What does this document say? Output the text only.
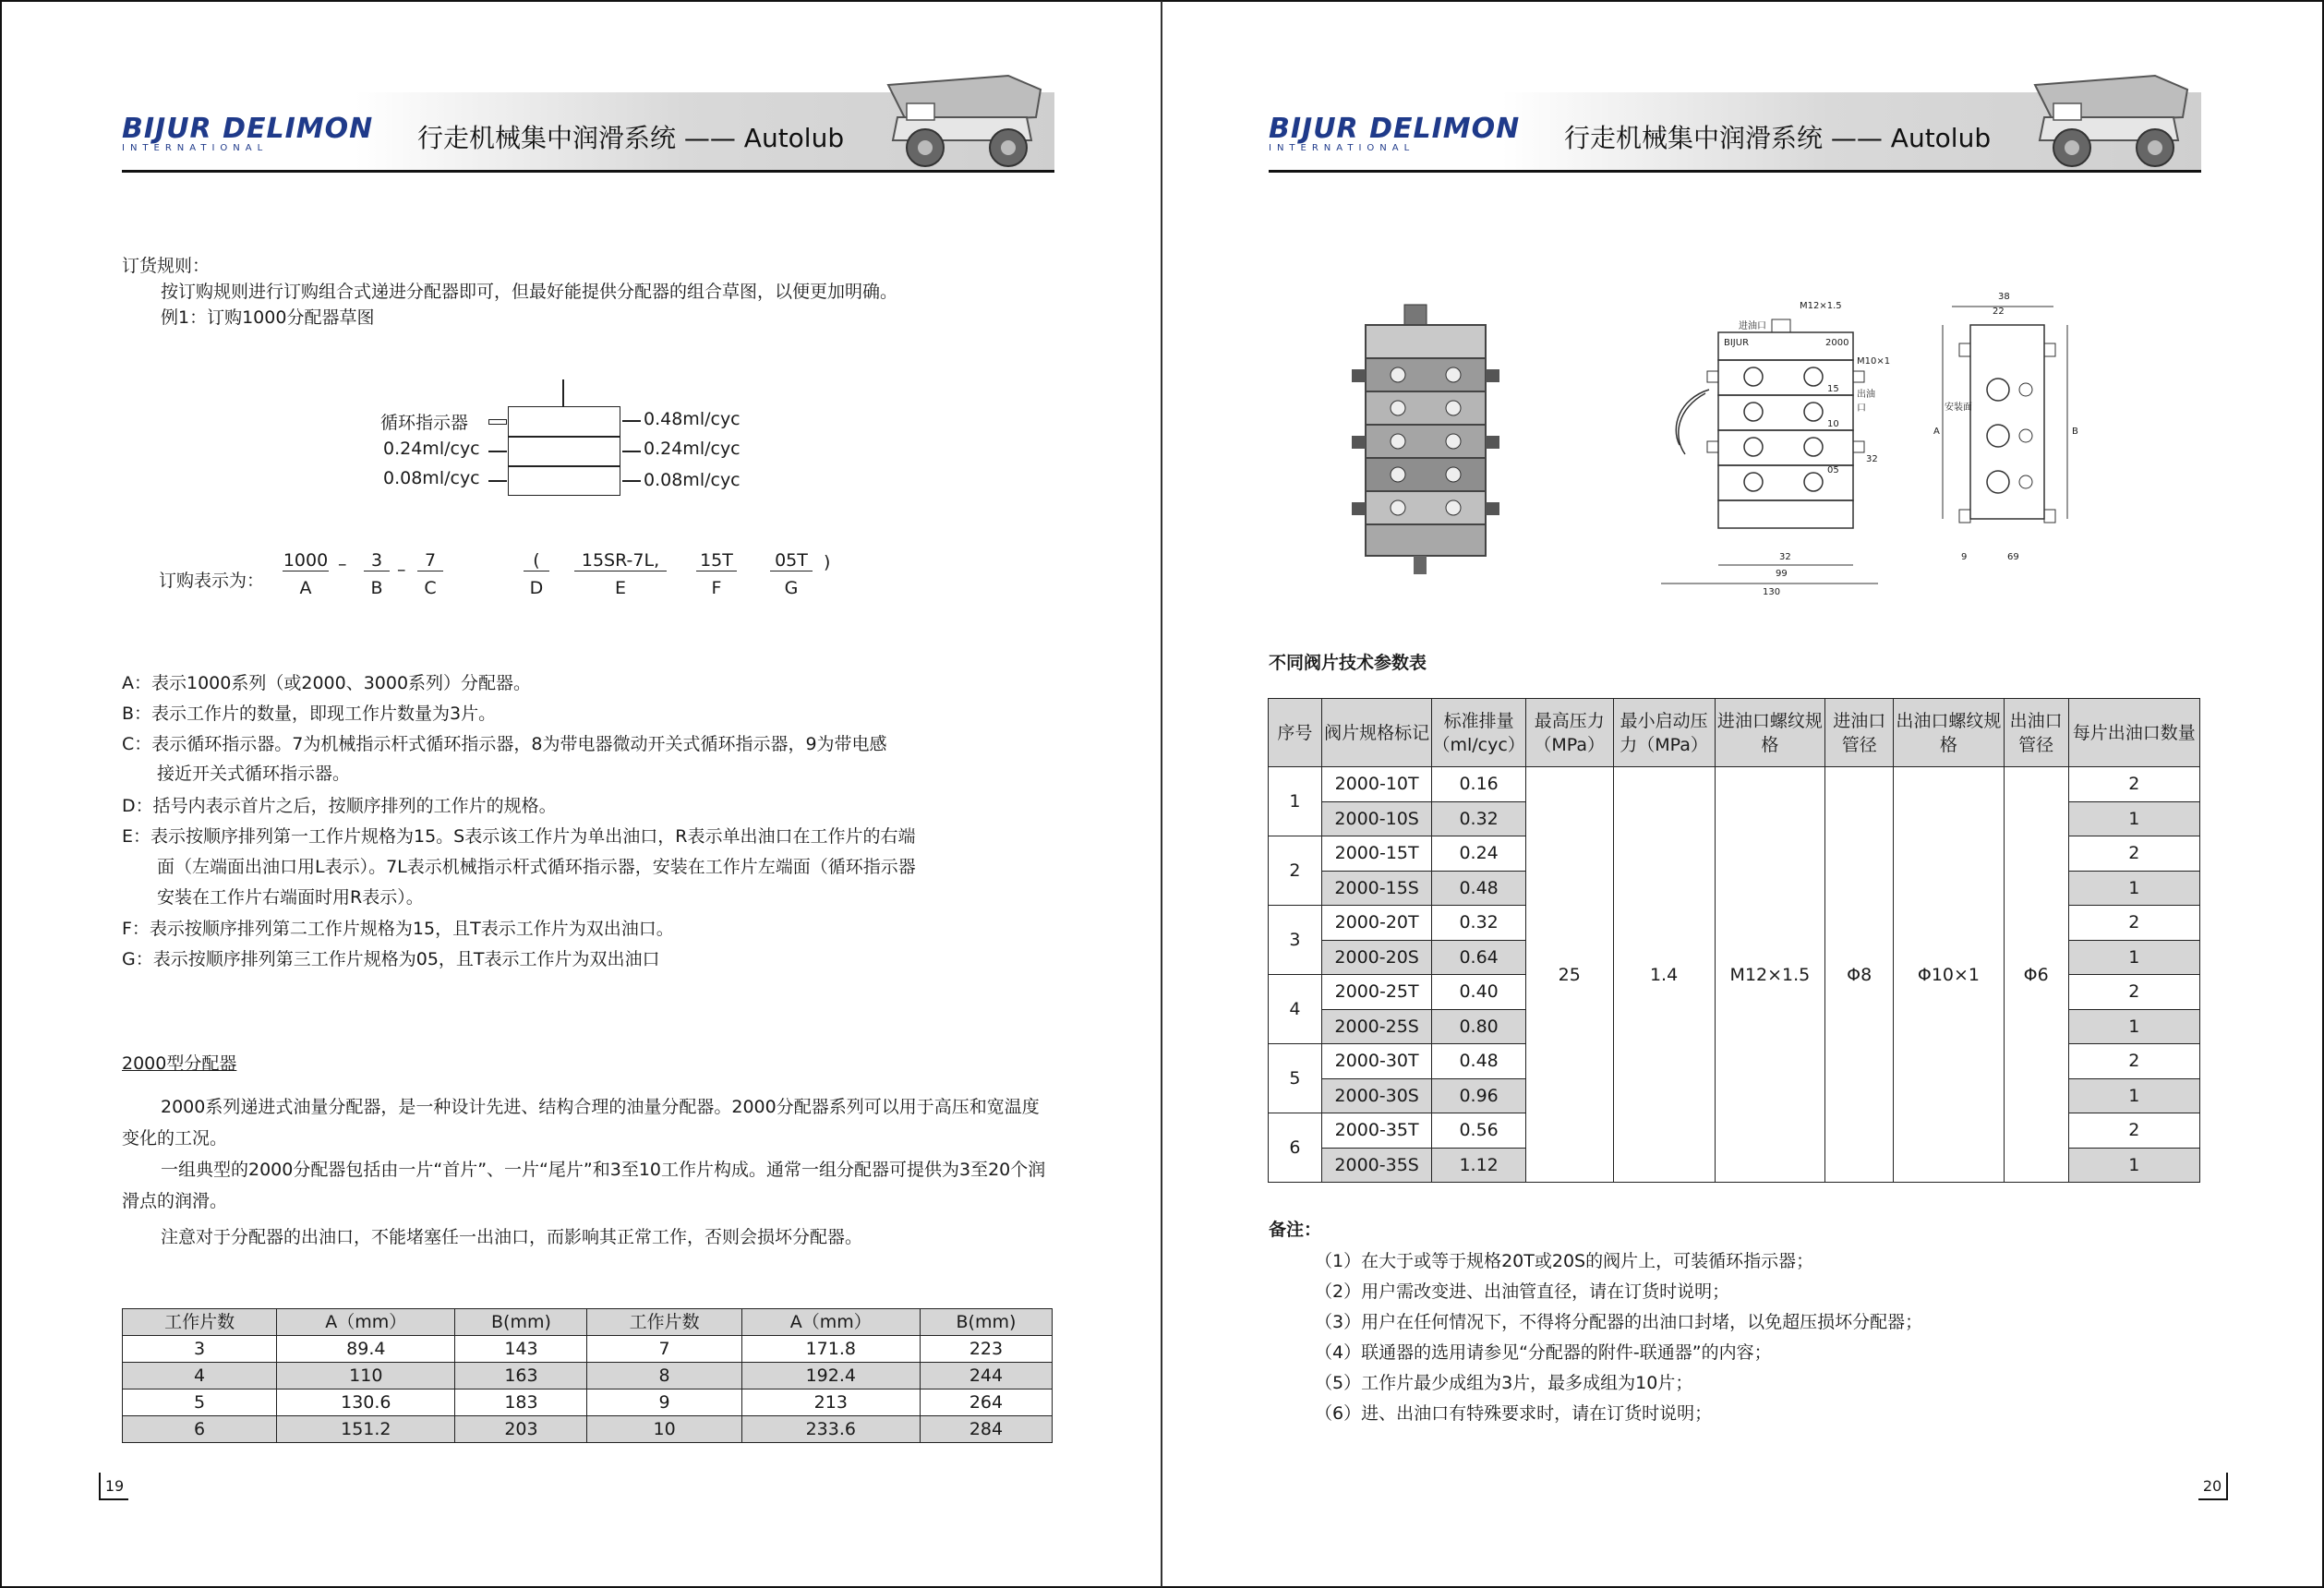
BIJUR DELIMON
INTERNATIONAL	行走机械集中润滑系统 —— Autolub
订货规则：
按订购规则进行订购组合式递进分配器即可，但最好能提供分配器的组合草图，以便更加明确。
例1：订购1000分配器草图
循环指示器
0.24ml/cyc
0.08ml/cyc
0.48ml/cyc
0.24ml/cyc
0.08ml/cyc
订购表示为：
1000
A
–	3
B
–	7
C
(
D
15SR-7L,
E
15T
F
05T
G
)
A：表示1000系列（或2000、3000系列）分配器。
B：表示工作片的数量，即现工作片数量为3片。
C：表示循环指示器。7为机械指示杆式循环指示器，8为带电器微动开关式循环指示器，9为带电感
接近开关式循环指示器。
D：括号内表示首片之后，按顺序排列的工作片的规格。
E：表示按顺序排列第一工作片规格为15。S表示该工作片为单出油口，R表示单出油口在工作片的右端
面（左端面出油口用L表示）。7L表示机械指示杆式循环指示器，安装在工作片左端面（循环指示器
安装在工作片右端面时用R表示）。
F：表示按顺序排列第二工作片规格为15，且T表示工作片为双出油口。
G：表示按顺序排列第三工作片规格为05，且T表示工作片为双出油口
2000型分配器
2000系列递进式油量分配器，是一种设计先进、结构合理的油量分配器。2000分配器系列可以用于高压和宽温度变化的工况。
一组典型的2000分配器包括由一片“首片”、一片“尾片”和3至10工作片构成。通常一组分配器可提供为3至20个润滑点的润滑。
注意对于分配器的出油口，不能堵塞任一出油口，而影响其正常工作，否则会损坏分配器。
工作片数	A（mm）	B(mm)	工作片数	A（mm）	B(mm)
3	89.4	143	7	171.8	223
4	110	163	8	192.4	244
5	130.6	183	9	213	264
6	151.2	203	10	233.6	284
19
BIJUR DELIMON
INTERNATIONAL	行走机械集中润滑系统 —— Autolub
M12×1.5
进油口
BIJUR	2000
15
10
05
出油口
M10×1
32
32
99
130
38
22
安装面
A	B
9	69
不同阀片技术参数表
备注：
（1）在大于或等于规格20T或20S的阀片上，可装循环指示器；
（2）用户需改变进、出油管直径，请在订货时说明；
（3）用户在任何情况下，不得将分配器的出油口封堵，以免超压损坏分配器；
（4）联通器的选用请参见“分配器的附件-联通器”的内容；
（5）工作片最少成组为3片，最多成组为10片；
（6）进、出油口有特殊要求时，请在订货时说明；
20
序号	阀片规格标记	标准排量（ml/cyc）	最高压力（MPa）	最小启动压力（MPa）	进油口螺纹规格	进油口管径	出油口螺纹规格	出油口管径	每片出油口数量
1	2000-10T	0.16	25	1.4	M12×1.5	Φ8	Φ10×1	Φ6	2
	2000-10S	0.32							1
2	2000-15T	0.24							2
	2000-15S	0.48							1
3	2000-20T	0.32							2
	2000-20S	0.64							1
4	2000-25T	0.40							2
	2000-25S	0.80							1
5	2000-30T	0.48							2
	2000-30S	0.96							1
6	2000-35T	0.56							2
	2000-35S	1.12							1
